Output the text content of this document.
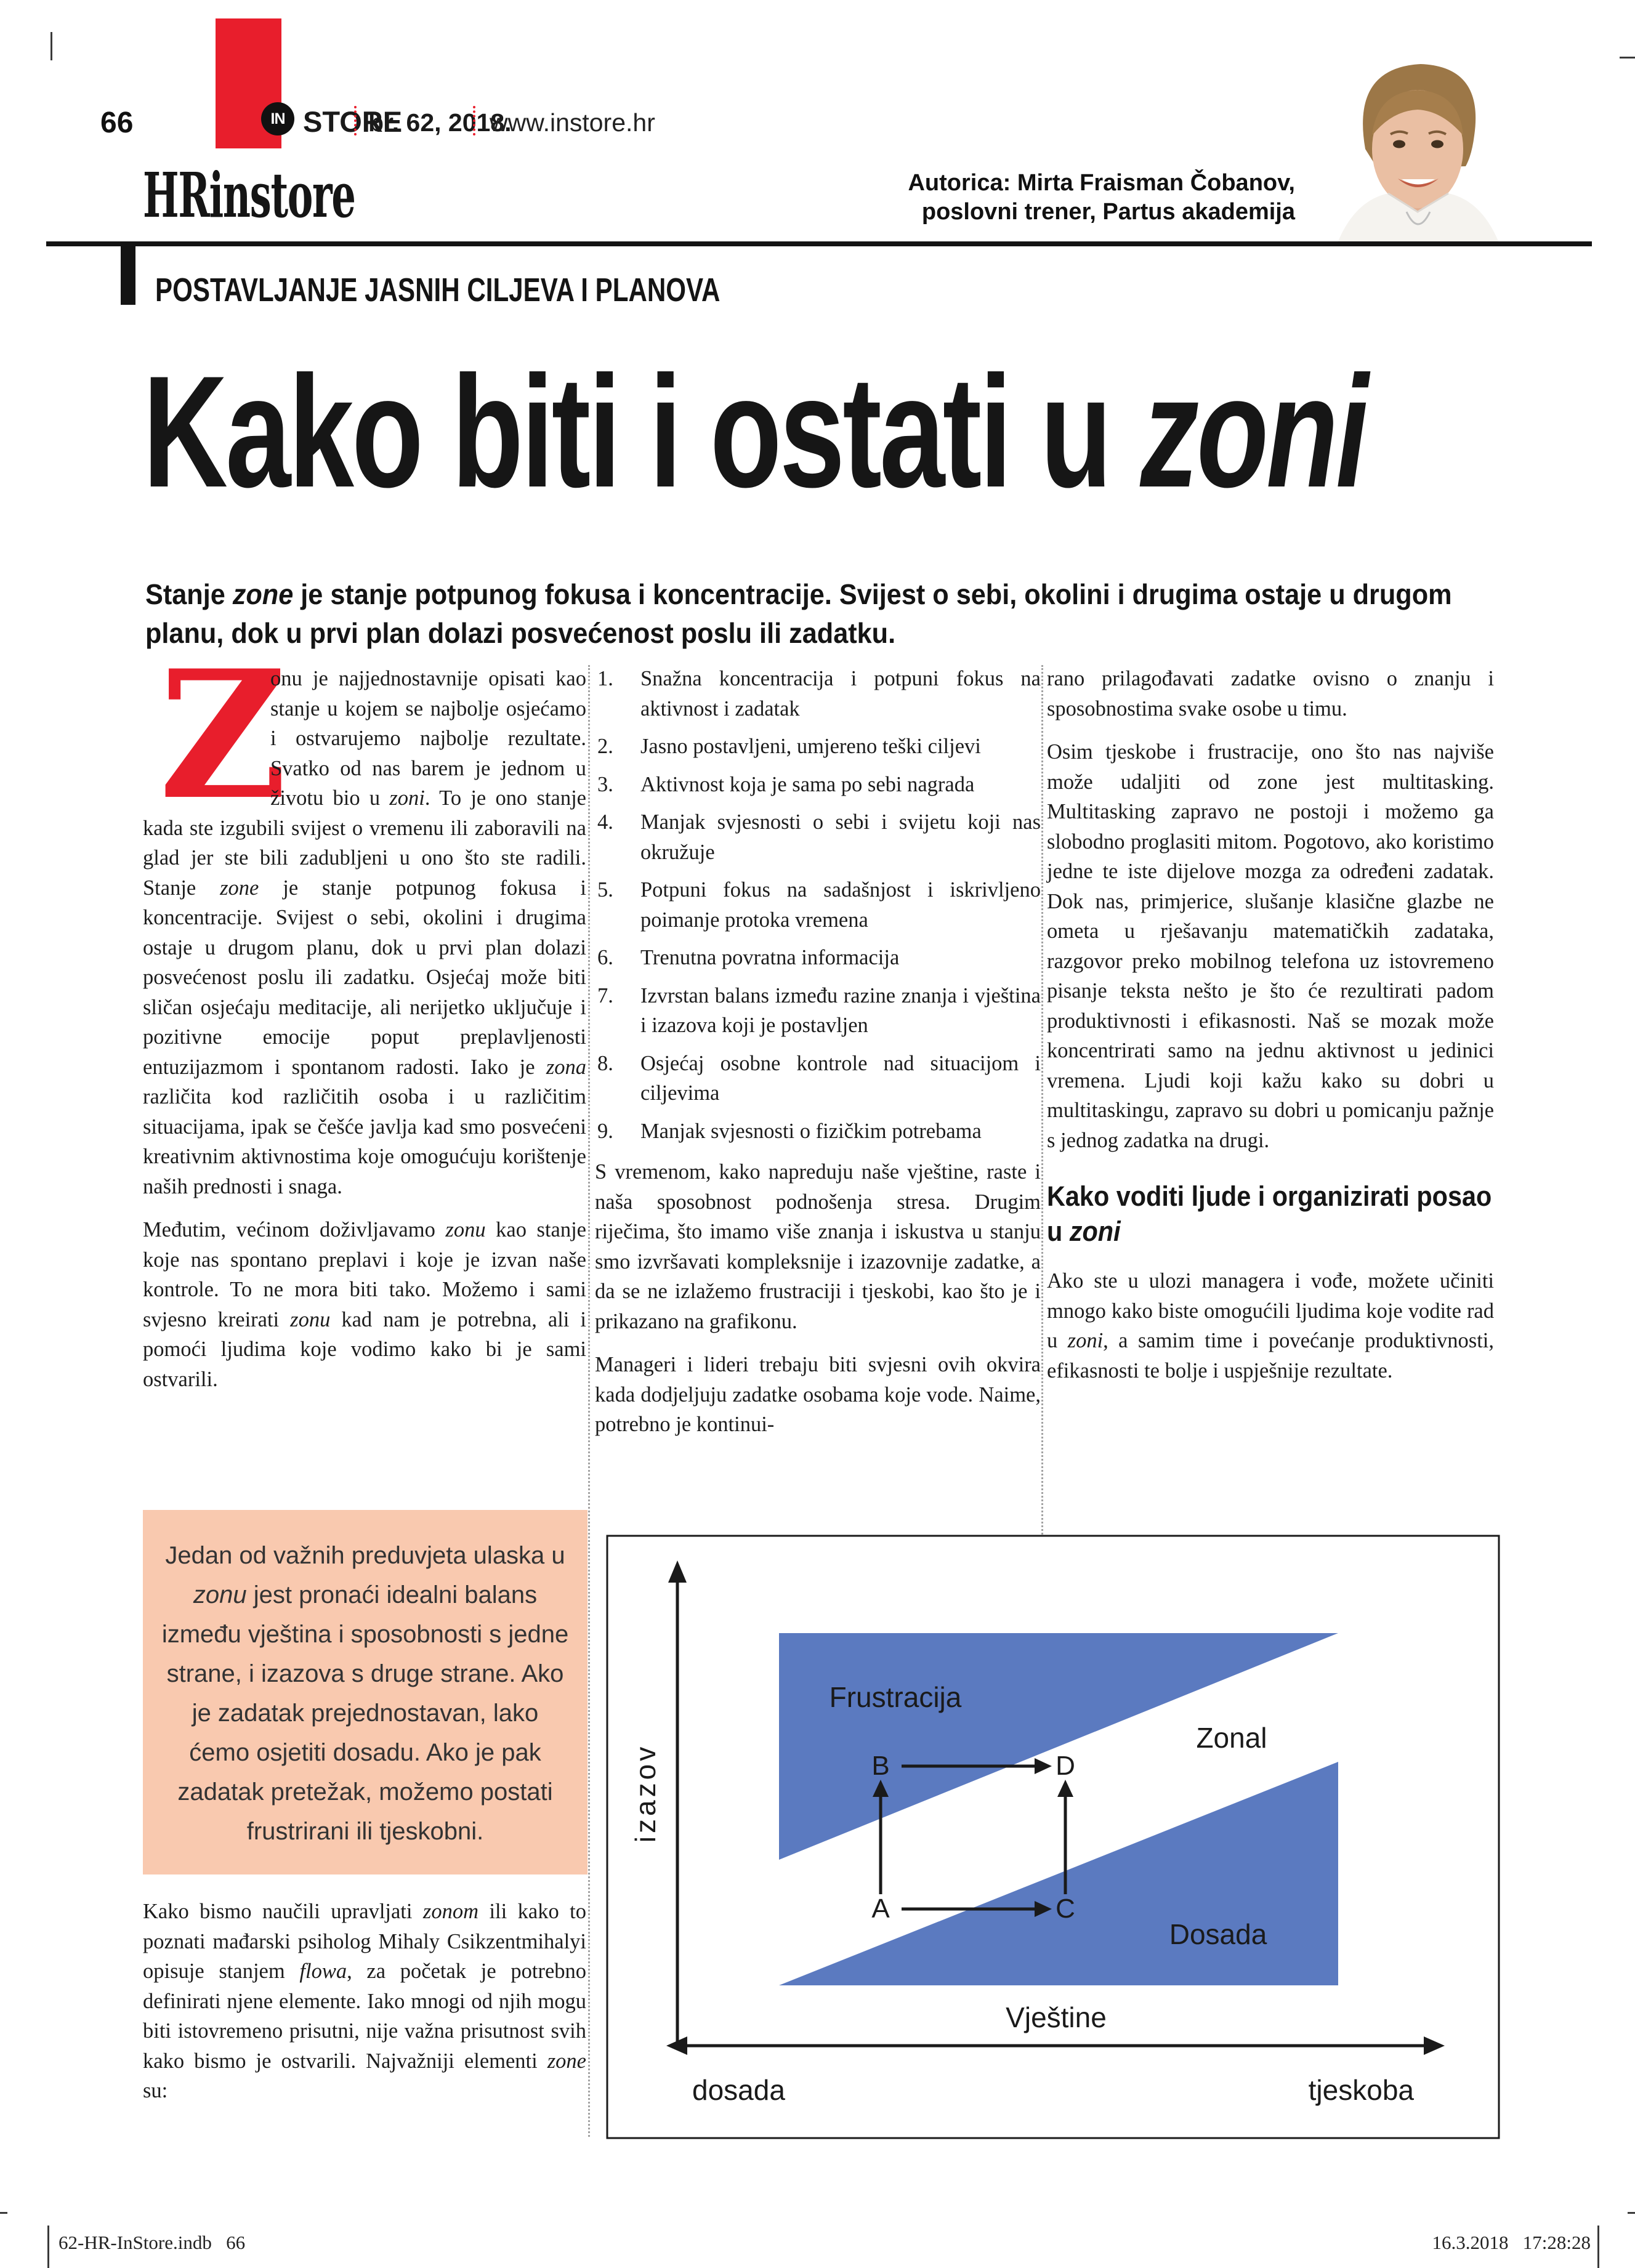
66	IN STORE
br. 62, 2018.
www.instore.hr
HRinstore	Autorica: Mirta Fraisman Čobanov,
poslovni trener, Partus akademija
POSTAVLJANJE JASNIH CILJEVA I PLANOVA
Kako biti i ostati u zoni
Stanje zone je stanje potpunog fokusa i koncentracije. Svijest o sebi, okolini i drugima ostaje u drugom planu, dok u prvi plan dolazi posvećenost poslu ili zadatku.

Z
onu je najjednostavnije opisati kao stanje u kojem se najbolje osjećamo i ostvarujemo najbolje rezultate. Svatko od nas barem je jednom u životu bio u zoni. To je ono stanje kada ste izgubili svijest o vremenu ili zaboravili na glad jer ste bili zadubljeni u ono što ste radili. Stanje zone je stanje potpunog fokusa i koncentracije. Svijest o sebi, okolini i drugima ostaje u drugom planu, dok u prvi plan dolazi posvećenost poslu ili zadatku. Osjećaj može biti sličan osjećaju meditacije, ali nerijetko uključuje i pozitivne emocije poput preplavljenosti entuzijazmom i spontanom radosti. Iako je zona različita kod različitih osoba i u različitim situacijama, ipak se češće javlja kad smo posvećeni kreativnim aktivnostima koje omogućuju korištenje naših prednosti i snaga.

Međutim, većinom doživljavamo zonu kao stanje koje nas spontano preplavi i koje je izvan naše kontrole. To ne mora biti tako. Možemo i sami svjesno kreirati zonu kad nam je potrebna, ali i pomoći ljudima koje vodimo kako bi je sami ostvarili.

Jedan od važnih preduvjeta ulaska u zonu jest pronaći idealni balans između vještina i sposobnosti s jedne strane, i izazova s druge strane. Ako je zadatak prejednostavan, lako ćemo osjetiti dosadu. Ako je pak zadatak pretežak, možemo postati frustrirani ili tjeskobni.

Kako bismo naučili upravljati zonom ili kako to poznati mađarski psiholog Mihaly Csikzentmihalyi opisuje stanjem flowa, za početak je potrebno definirati njene elemente. Iako mnogi od njih mogu biti istovremeno prisutni, nije važna prisutnost svih kako bismo je ostvarili. Najvažniji elementi zone su:

1. Snažna koncentracija i potpuni fokus na aktivnost i zadatak
2. Jasno postavljeni, umjereno teški ciljevi
3. Aktivnost koja je sama po sebi nagrada
4. Manjak svjesnosti o sebi i svijetu koji nas okružuje
5. Potpuni fokus na sadašnjost i iskrivljeno poimanje protoka vremena
6. Trenutna povratna informacija
7. Izvrstan balans između razine znanja i vještina i izazova koji je postavljen
8. Osjećaj osobne kontrole nad situacijom i ciljevima
9. Manjak svjesnosti o fizičkim potrebama

S vremenom, kako napreduju naše vještine, raste i naša sposobnost podnošenja stresa. Drugim riječima, što imamo više znanja i iskustva u stanju smo izvršavati kompleksnije i izazovnije zadatke, a da se ne izlažemo frustraciji i tjeskobi, kao što je i prikazano na grafikonu.

Manageri i lideri trebaju biti svjesni ovih okvira kada dodjeljuju zadatke osobama koje vode. Naime, potrebno je kontinui-

rano prilagođavati zadatke ovisno o znanju i sposobnostima svake osobe u timu.

Osim tjeskobe i frustracije, ono što nas najviše može udaljiti od zone jest multitasking. Multitasking zapravo ne postoji i možemo ga slobodno proglasiti mitom. Pogotovo, ako koristimo jedne te iste dijelove mozga za određeni zadatak. Dok nas, primjerice, slušanje klasične glazbe ne ometa u rješavanju matematičkih zadataka, razgovor preko mobilnog telefona uz istovremeno pisanje teksta nešto je što će rezultirati padom produktivnosti i efikasnosti. Naš se mozak može koncentrirati samo na jednu aktivnost u jedinici vremena. Ljudi koji kažu kako su dobri u multitaskingu, zapravo su dobri u pomicanju pažnje s jednog zadatka na drugi.

Kako voditi ljude i organizirati posao u zoni

Ako ste u ulozi managera i vođe, možete učiniti mnogo kako biste omogućili ljudima koje vodite rad u zoni, a samim time i povećanje produktivnosti, efikasnosti te bolje i uspješnije rezultate.

B	D
A	C
Frustracija
Zonal
Dosada
izazov
Vještine
dosada	tjeskoba
62-HR-InStore.indb   66	16.3.2018   17:28:28
